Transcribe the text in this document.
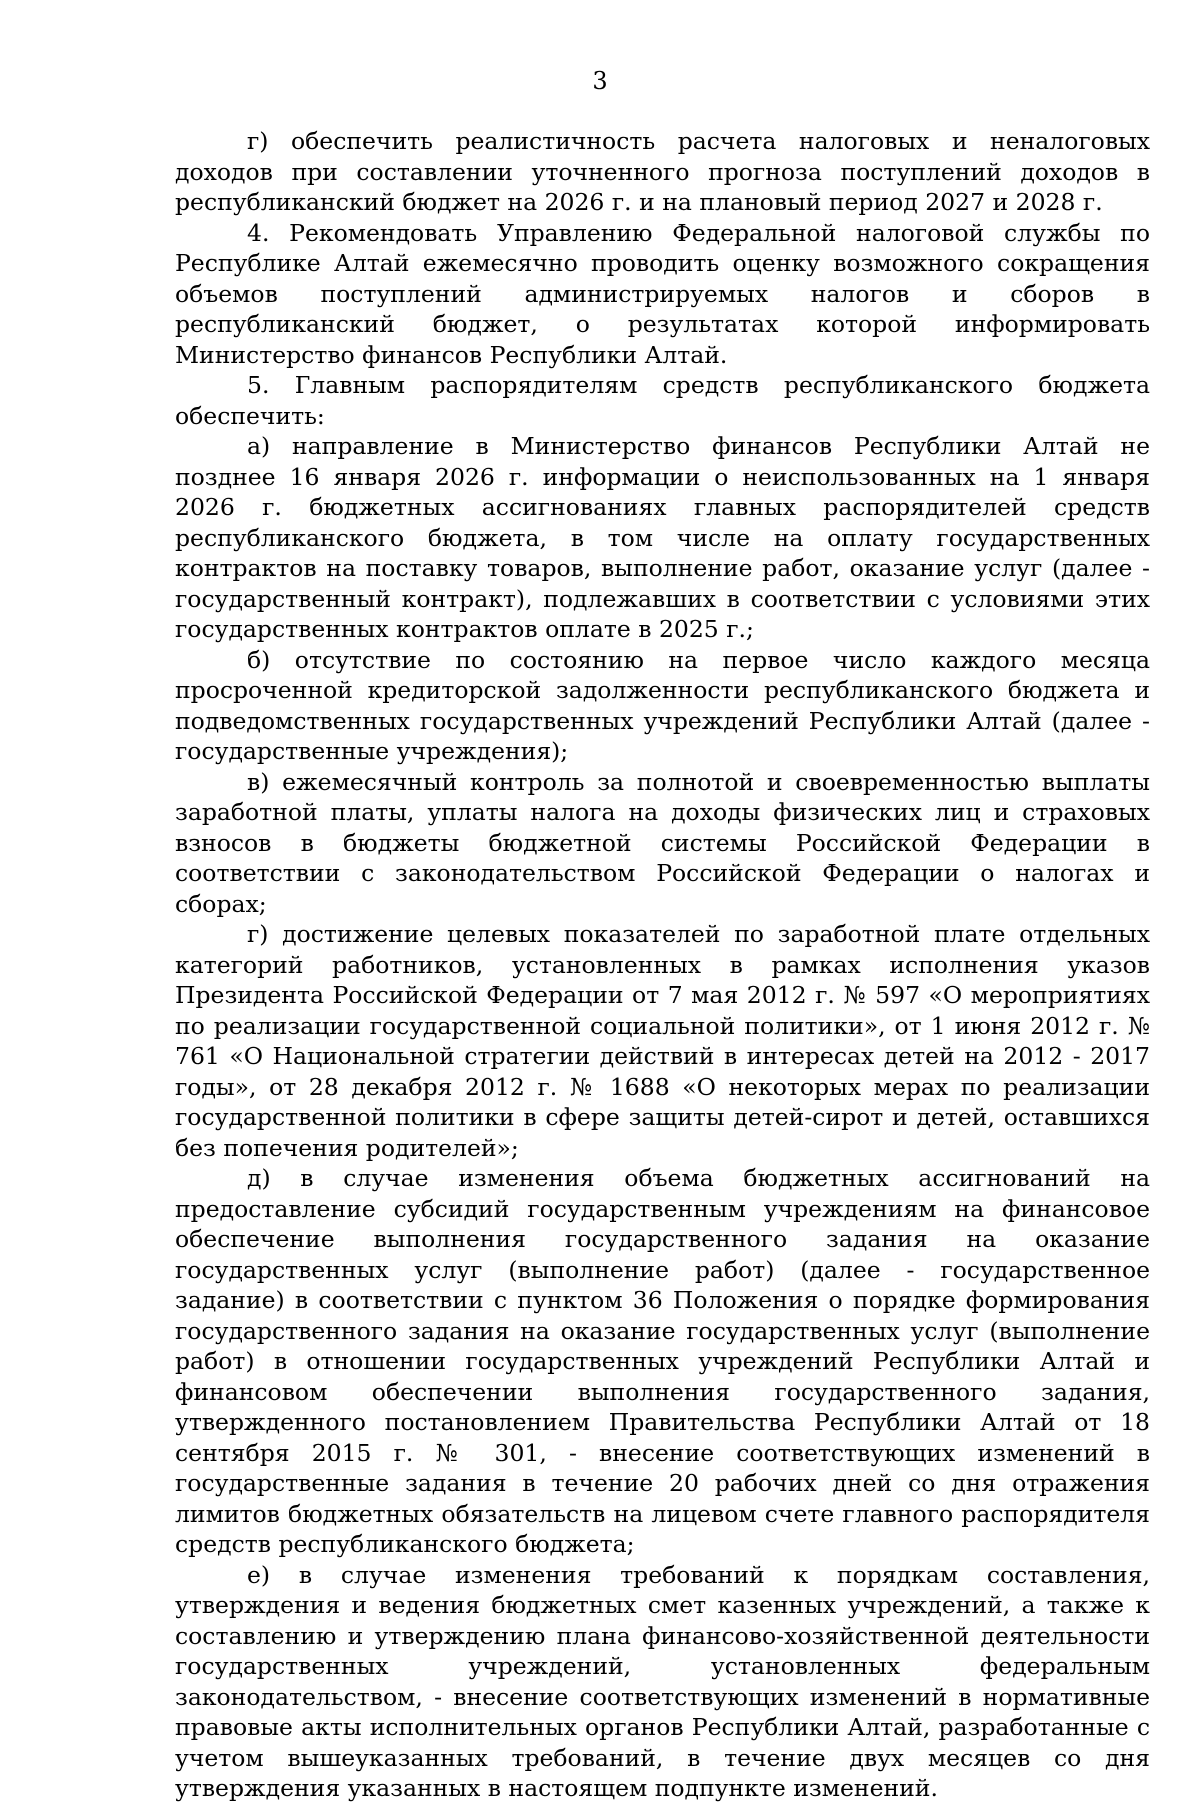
3

г) обеспечить реалистичность расчета налоговых и неналоговых доходов при составлении уточненного прогноза поступлений доходов в республиканский бюджет на 2026 г. и на плановый период 2027 и 2028 г.

4. Рекомендовать Управлению Федеральной налоговой службы по Республике Алтай ежемесячно проводить оценку возможного сокращения объемов поступлений администрируемых налогов и сборов в республиканский бюджет, о результатах которой информировать Министерство финансов Республики Алтай.

5. Главным распорядителям средств республиканского бюджета обеспечить:

а) направление в Министерство финансов Республики Алтай не позднее 16 января 2026 г. информации о неиспользованных на 1 января 2026 г. бюджетных ассигнованиях главных распорядителей средств республиканского бюджета, в том числе на оплату государственных контрактов на поставку товаров, выполнение работ, оказание услуг (далее - государственный контракт), подлежавших в соответствии с условиями этих государственных контрактов оплате в 2025 г.;

б) отсутствие по состоянию на первое число каждого месяца просроченной кредиторской задолженности республиканского бюджета и подведомственных государственных учреждений Республики Алтай (далее - государственные учреждения);

в) ежемесячный контроль за полнотой и своевременностью выплаты заработной платы, уплаты налога на доходы физических лиц и страховых взносов в бюджеты бюджетной системы Российской Федерации в соответствии с законодательством Российской Федерации о налогах и сборах;

г) достижение целевых показателей по заработной плате отдельных категорий работников, установленных в рамках исполнения указов Президента Российской Федерации от 7 мая 2012 г. № 597 «О мероприятиях по реализации государственной социальной политики», от 1 июня 2012 г. № 761 «О Национальной стратегии действий в интересах детей на 2012 - 2017 годы», от 28 декабря 2012 г. № 1688 «О некоторых мерах по реализации государственной политики в сфере защиты детей-сирот и детей, оставшихся без попечения родителей»;

д) в случае изменения объема бюджетных ассигнований на предоставление субсидий государственным учреждениям на финансовое обеспечение выполнения государственного задания на оказание государственных услуг (выполнение работ) (далее - государственное задание) в соответствии с пунктом 36 Положения о порядке формирования государственного задания на оказание государственных услуг (выполнение работ) в отношении государственных учреждений Республики Алтай и финансовом обеспечении выполнения государственного задания, утвержденного постановлением Правительства Республики Алтай от 18 сентября 2015 г. № 301, - внесение соответствующих изменений в государственные задания в течение 20 рабочих дней со дня отражения лимитов бюджетных обязательств на лицевом счете главного распорядителя средств республиканского бюджета;

е) в случае изменения требований к порядкам составления, утверждения и ведения бюджетных смет казенных учреждений, а также к составлению и утверждению плана финансово-хозяйственной деятельности государственных учреждений, установленных федеральным законодательством, - внесение соответствующих изменений в нормативные правовые акты исполнительных органов Республики Алтай, разработанные с учетом вышеуказанных требований, в течение двух месяцев со дня утверждения указанных в настоящем подпункте изменений.
